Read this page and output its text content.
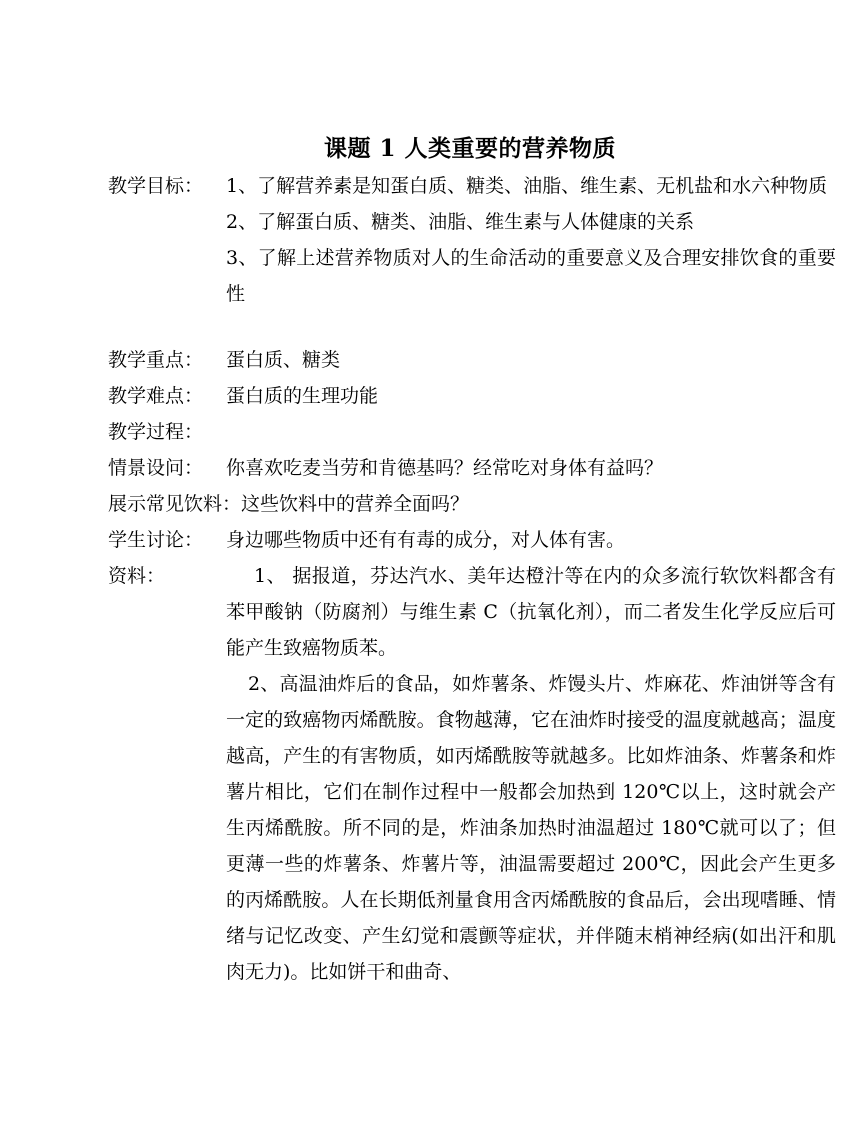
课题 1 人类重要的营养物质
教学目标： 1、了解营养素是知蛋白质、糖类、油脂、维生素、无机盐和水六种物质

2、了解蛋白质、糖类、油脂、维生素与人体健康的关系

3、了解上述营养物质对人的生命活动的重要意义及合理安排饮食的重要性

教学重点： 蛋白质、糖类
教学难点： 蛋白质的生理功能
教学过程：
情景设问： 你喜欢吃麦当劳和肯德基吗？经常吃对身体有益吗？
展示常见饮料：这些饮料中的营养全面吗？
学生讨论： 身边哪些物质中还有有毒的成分，对人体有害。
资料：	1、 据报道，芬达汽水、美年达橙汁等在内的众多流行软饮料都含有苯甲酸钠（防腐剂）与维生素 C（抗氧化剂），而二者发生化学反应后可能产生致癌物质苯。

2、高温油炸后的食品，如炸薯条、炸馒头片、炸麻花、炸油饼等含有一定的致癌物丙烯酰胺。食物越薄，它在油炸时接受的温度就越高；温度越高，产生的有害物质，如丙烯酰胺等就越多。比如炸油条、炸薯条和炸薯片相比，它们在制作过程中一般都会加热到 120℃以上，这时就会产生丙烯酰胺。所不同的是，炸油条加热时油温超过 180℃就可以了；但更薄一些的炸薯条、炸薯片等，油温需要超过 200℃，因此会产生更多的丙烯酰胺。人在长期低剂量食用含丙烯酰胺的食品后，会出现嗜睡、情绪与记忆改变、产生幻觉和震颤等症状，并伴随末梢神经病(如出汗和肌肉无力)。比如饼干和曲奇、
